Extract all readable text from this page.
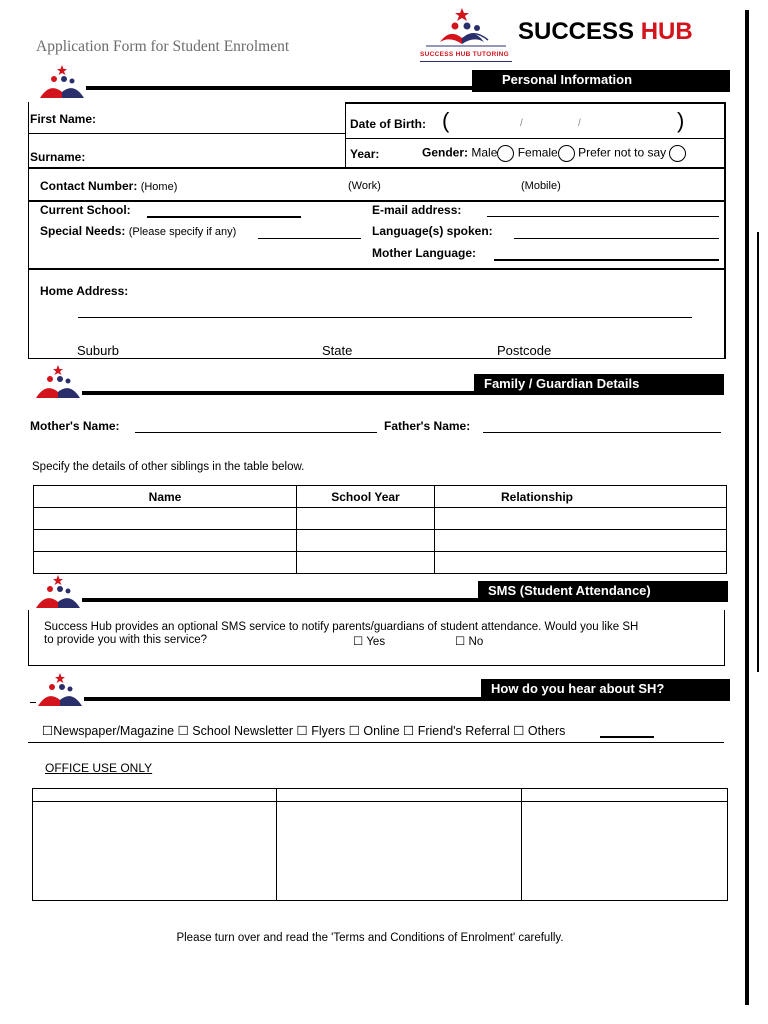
Application Form for Student Enrolment	SUCCESS HUB TUTORING
SUCCESS HUB
Personal Information
First Name:
Surname:
Date of Birth: (	/	/	)
Year:	Gender: Male Female Prefer not to say
Contact Number: (Home)	(Work)	(Mobile)
Current School:	E-mail address:
Special Needs: (Please specify if any)	Language(s) spoken:
Mother Language:
Home Address:
Suburb	State	Postcode
Family / Guardian Details
Mother's Name:	Father's Name:
Specify the details of other siblings in the table below.
Name	School Year	Relationship

SMS (Student Attendance)
Success Hub provides an optional SMS service to notify parents/guardians of student attendance. Would you like SH
to provide you with this service?	☐ Yes	☐ No
How do you hear about SH?
☐Newspaper/Magazine ☐ School Newsletter ☐ Flyers ☐ Online ☐ Friend's Referral ☐ Others
OFFICE USE ONLY
Please turn over and read the 'Terms and Conditions of Enrolment' carefully.
